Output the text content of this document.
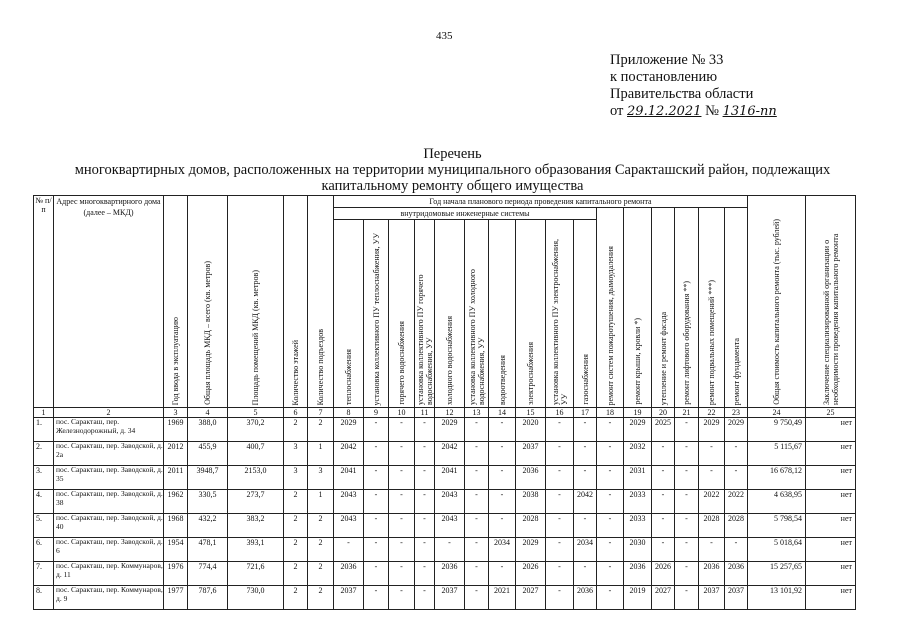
435
Приложение № 33
к постановлению
Правительства области
от 29.12.2021 № 1316-пп
Перечень
многоквартирных домов, расположенных на территории муниципального образования Саракташский район, подлежащих
капитальному ремонту общего имущества
№ п/п	Адрес многоквартирного дома (далее – МКД)	Год ввода в эксплуатацию	Общая площадь МКД – всего (кв. метров)	Площадь помещений МКД (кв. метров)	Количество этажей	Количество подъездов	Год начала планового периода проведения капитального ремонта																Общая стоимость капитального ремонта (тыс. рублей)	Заключение специализированной организации о необходимости проведения капитального ремонта
							внутридомовые инженерные системы										ремонт систем пожаротушения, дымоудаления	ремонт крыши, кровли *)	утепление и ремонт фасада	ремонт лифтового оборудования **)	ремонт подвальных помещений ***)	ремонт фундамента		
							теплоснабжения	установка коллективного ПУ теплоснабжения, УУ	горячего водоснабжения	установка коллективного ПУ горячего водоснабжения, УУ	холодного водоснабжения	установка коллективного ПУ холодного водоснабжения, УУ	водоотведения	электроснабжения	установка коллективного ПУ электроснабжения, УУ	газоснабжения								
1	2	3	4	5	6	7	8	9	10	11	12	13	14	15	16	17	18	19	20	21	22	23	24	25
1.	пос. Саракташ, пер. Железнодорожный, д. 34	1969	388,0	370,2	2	2	2029	-	-	-	2029	-	-	2020	-	-	-	2029	2025	-	2029	2029	9 750,49	нет
2.	пос. Саракташ, пер. Заводской, д. 2а	2012	455,9	400,7	3	1	2042	-	-	-	2042	-	-	2037	-	-	-	2032	-	-	-	-	5 115,67	нет
3.	пос. Саракташ, пер. Заводской, д. 35	2011	3948,7	2153,0	3	3	2041	-	-	-	2041	-	-	2036	-	-	-	2031	-	-	-	-	16 678,12	нет
4.	пос. Саракташ, пер. Заводской, д. 38	1962	330,5	273,7	2	1	2043	-	-	-	2043	-	-	2038	-	2042	-	2033	-	-	2022	2022	4 638,95	нет
5.	пос. Саракташ, пер. Заводской, д. 40	1968	432,2	383,2	2	2	2043	-	-	-	2043	-	-	2028	-	-	-	2033	-	-	2028	2028	5 798,54	нет
6.	пос. Саракташ, пер. Заводской, д. 6	1954	478,1	393,1	2	2	-	-	-	-	-	-	2034	2029	-	2034	-	2030	-	-	-	-	5 018,64	нет
7.	пос. Саракташ, пер. Коммунаров, д. 11	1976	774,4	721,6	2	2	2036	-	-	-	2036	-	-	2026	-	-	-	2036	2026	-	2036	2036	15 257,65	нет
8.	пос. Саракташ, пер. Коммунаров, д. 9	1977	787,6	730,0	2	2	2037	-	-	-	2037	-	2021	2027	-	2036	-	2019	2027	-	2037	2037	13 101,92	нет
